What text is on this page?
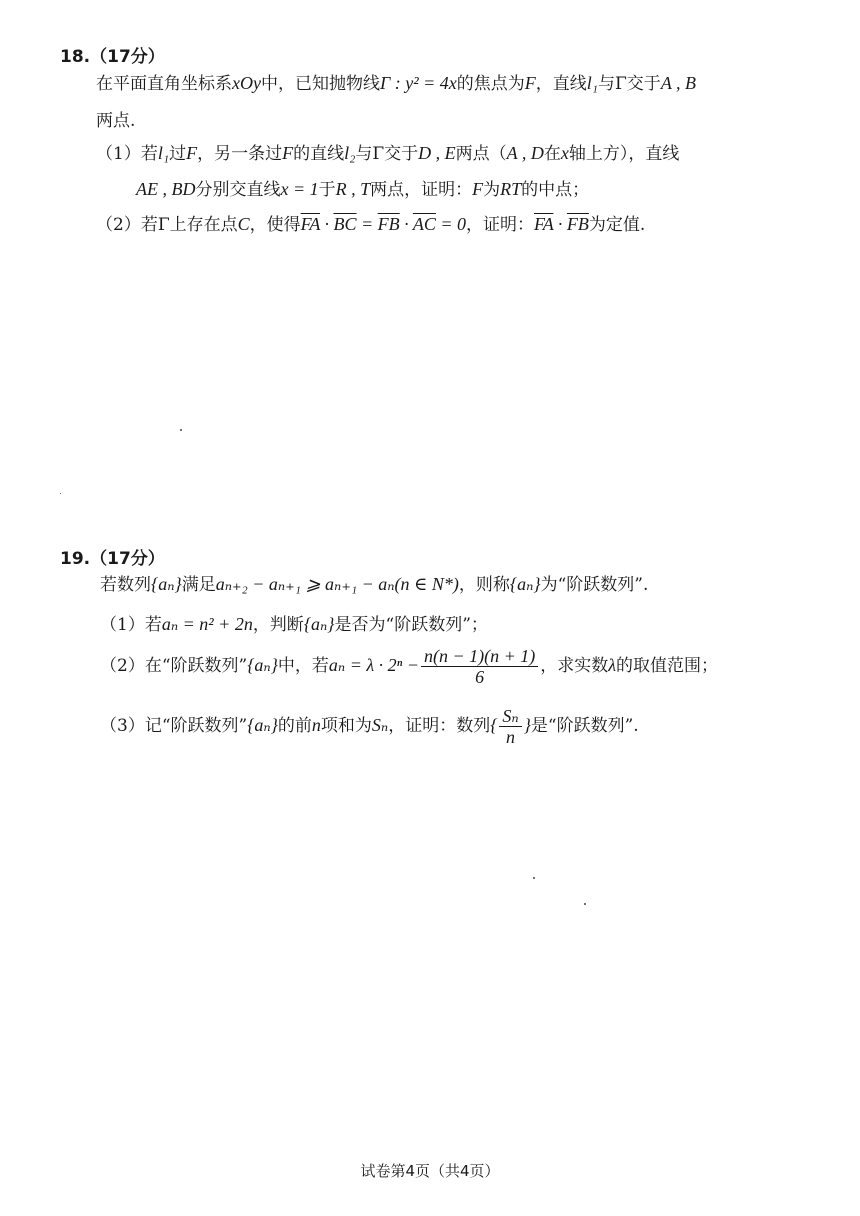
18.（17分）
在平面直角坐标系xOy中，已知抛物线Γ : y² = 4x的焦点为F，直线l₁与Γ交于A , B
两点.
（1）若l₁过F，另一条过F的直线l₂与Γ交于D , E两点（A , D在x轴上方），直线
AE , BD分别交直线x = 1于R , T两点，证明：F为RT的中点；
（2）若Γ上存在点C，使得$\overline{FA} \cdot \overline{BC} = \overline{FB} \cdot \overline{AC} = 0$，证明：$\overline{FA} \cdot \overline{FB}$为定值.
19.（17分）
若数列{aₙ}满足aₙ₊₂ − aₙ₊₁ ⩾ aₙ₊₁ − aₙ(n ∈ N*)，则称{aₙ}为“阶跃数列”.
（1）若aₙ = n² + 2n，判断{aₙ}是否为“阶跃数列”；
（2）在“阶跃数列”{aₙ}中，若$a_n = \lambda \cdot 2^n - \frac{n(n - 1)(n + 1)}{6}$ ，求实数λ的取值范围；
（3）记“阶跃数列”{aₙ}的前n项和为Sₙ，证明：数列{ $\frac{\text{Sₙ}}{n}$ }是“阶跃数列”.
试卷第4页（共4页）
